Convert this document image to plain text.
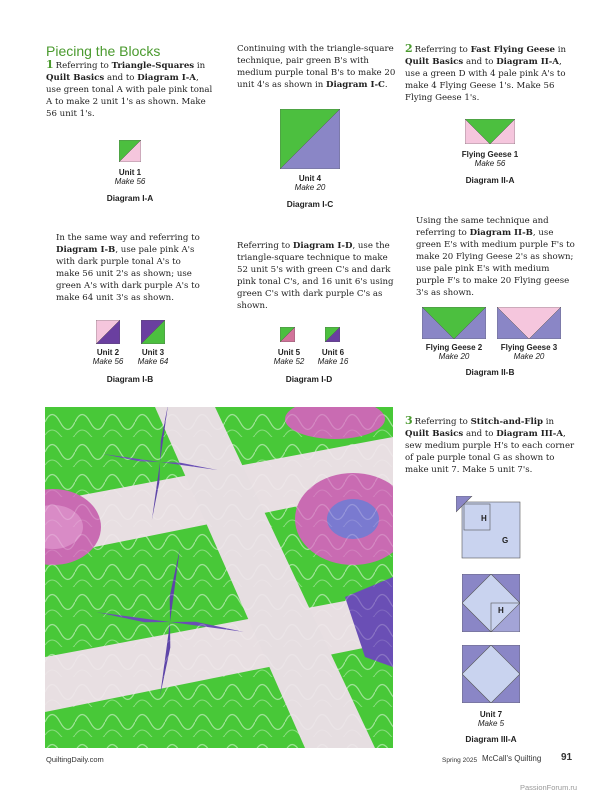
Piecing the Blocks
1 Referring to Triangle-Squares in Quilt Basics and to Diagram I-A, use green tonal A with pale pink tonal A to make 2 unit 1's as shown. Make 56 unit 1's.
Unit 1
Make 56
Diagram I-A
Continuing with the triangle-square technique, pair green B's with medium purple tonal B's to make 20 unit 4's as shown in Diagram I-C.
Unit 4
Make 20
Diagram I-C
In the same way and referring to Diagram I-B, use pale pink A's with dark purple tonal A's to make 56 unit 2's as shown; use green A's with dark purple A's to make 64 unit 3's as shown.
Unit 2
Make 56
Unit 3
Make 64
Diagram I-B
Referring to Diagram I-D, use the triangle-square technique to make 52 unit 5's with green C's and dark pink tonal C's, and 16 unit 6's using green C's with dark purple C's as shown.
Unit 5
Make 52
Unit 6
Make 16
Diagram I-D
2 Referring to Fast Flying Geese in Quilt Basics and to Diagram II-A, use a green D with 4 pale pink A's to make 4 Flying Geese 1's. Make 56 Flying Geese 1's.
Flying Geese 1
Make 56
Diagram II-A
Using the same technique and referring to Diagram II-B, use green E's with medium purple F's to make 20 Flying Geese 2's as shown; use pale pink E's with medium purple F's to make 20 Flying geese 3's as shown.
Flying Geese 2
Make 20
Flying Geese 3
Make 20
Diagram II-B
3 Referring to Stitch-and-Flip in Quilt Basics and to Diagram III-A, sew medium purple H's to each corner of pale purple tonal G as shown to make unit 7. Make 5 unit 7's.
H
G
H
Unit 7
Make 5
Diagram III-A
QuiltingDaily.com	Spring 2025 McCall's Quilting 91
PassionForum.ru
